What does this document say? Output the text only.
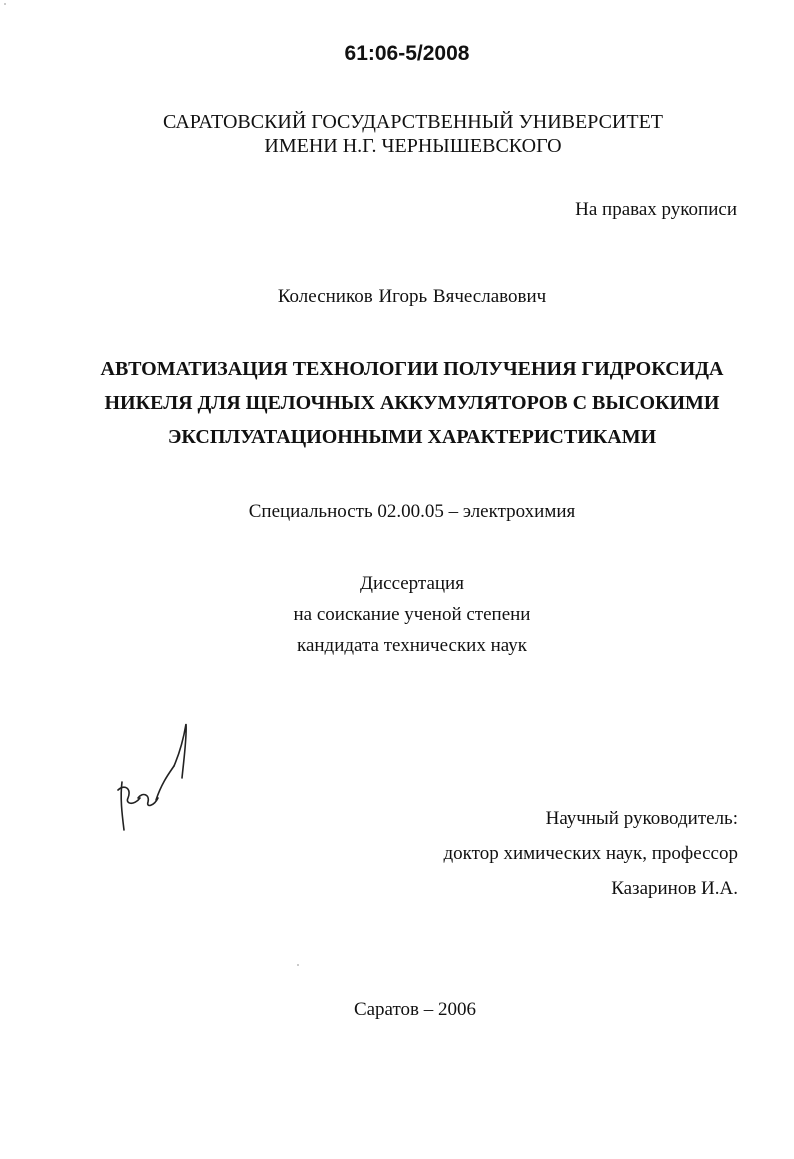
61:06-5/2008
САРАТОВСКИЙ ГОСУДАРСТВЕННЫЙ УНИВЕРСИТЕТ
ИМЕНИ Н.Г. ЧЕРНЫШЕВСКОГО
На правах рукописи
Колесников Игорь Вячеславович
АВТОМАТИЗАЦИЯ ТЕХНОЛОГИИ ПОЛУЧЕНИЯ ГИДРОКСИДА
НИКЕЛЯ ДЛЯ ЩЕЛОЧНЫХ АККУМУЛЯТОРОВ С ВЫСОКИМИ
ЭКСПЛУАТАЦИОННЫМИ ХАРАКТЕРИСТИКАМИ
Специальность 02.00.05 – электрохимия
Диссертация
на соискание ученой степени
кандидата технических наук
Научный руководитель:
доктор химических наук, профессор
Казаринов И.А.
Саратов – 2006
